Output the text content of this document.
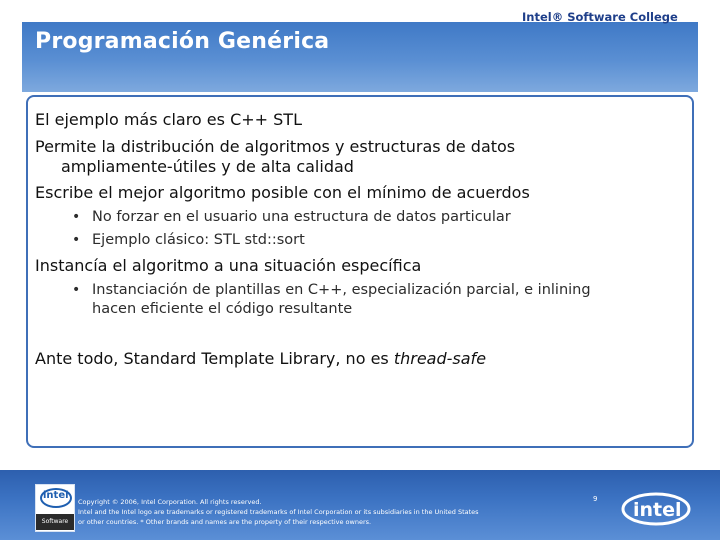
Intel® Software College
Programación Genérica
El ejemplo más claro es C++ STL
Permite la distribución de algoritmos y estructuras de datos
ampliamente-útiles y de alta calidad
Escribe el mejor algoritmo posible con el mínimo de acuerdos
• No forzar en el usuario una estructura de datos particular
• Ejemplo clásico: STL std::sort
Instancía el algoritmo a una situación específica
• Instanciación de plantillas en C++, especialización parcial, e inlining
hacen eficiente el código resultante
Ante todo, Standard Template Library, no es thread-safe
intel
Software
Copyright © 2006, Intel Corporation. All rights reserved.
Intel and the Intel logo are trademarks or registered trademarks of Intel Corporation or its subsidiaries in the United States
or other countries. * Other brands and names are the property of their respective owners.
9 intel
